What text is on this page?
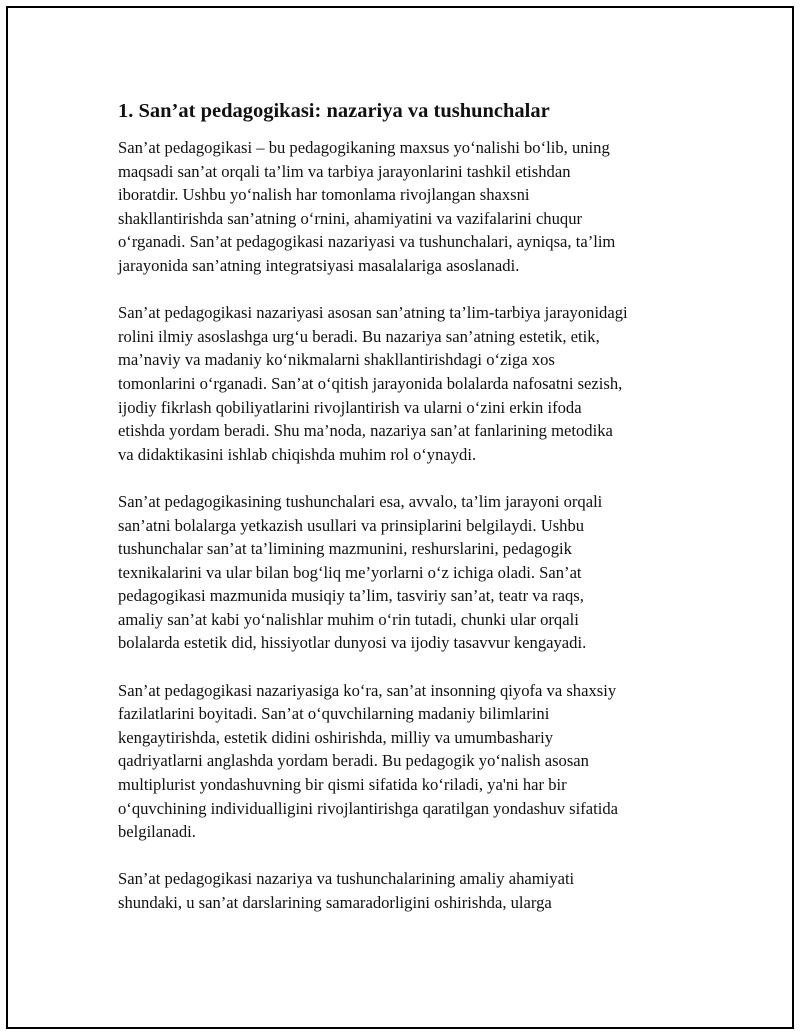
1. San’at pedagogikasi: nazariya va tushunchalar
San’at pedagogikasi – bu pedagogikaning maxsus yo‘nalishi bo‘lib, uning
maqsadi san’at orqali ta’lim va tarbiya jarayonlarini tashkil etishdan
iboratdir. Ushbu yo‘nalish har tomonlama rivojlangan shaxsni
shakllantirishda san’atning o‘rnini, ahamiyatini va vazifalarini chuqur
o‘rganadi. San’at pedagogikasi nazariyasi va tushunchalari, ayniqsa, ta’lim
jarayonida san’atning integratsiyasi masalalariga asoslanadi.
San’at pedagogikasi nazariyasi asosan san’atning ta’lim-tarbiya jarayonidagi
rolini ilmiy asoslashga urg‘u beradi. Bu nazariya san’atning estetik, etik,
ma’naviy va madaniy ko‘nikmalarni shakllantirishdagi o‘ziga xos
tomonlarini o‘rganadi. San’at o‘qitish jarayonida bolalarda nafosatni sezish,
ijodiy fikrlash qobiliyatlarini rivojlantirish va ularni o‘zini erkin ifoda
etishda yordam beradi. Shu ma’noda, nazariya san’at fanlarining metodika
va didaktikasini ishlab chiqishda muhim rol o‘ynaydi.
San’at pedagogikasining tushunchalari esa, avvalo, ta’lim jarayoni orqali
san’atni bolalarga yetkazish usullari va prinsiplarini belgilaydi. Ushbu
tushunchalar san’at ta’limining mazmunini, reshurslarini, pedagogik
texnikalarini va ular bilan bog‘liq me’yorlarni o‘z ichiga oladi. San’at
pedagogikasi mazmunida musiqiy ta’lim, tasviriy san’at, teatr va raqs,
amaliy san’at kabi yo‘nalishlar muhim o‘rin tutadi, chunki ular orqali
bolalarda estetik did, hissiyotlar dunyosi va ijodiy tasavvur kengayadi.
San’at pedagogikasi nazariyasiga ko‘ra, san’at insonning qiyofa va shaxsiy
fazilatlarini boyitadi. San’at o‘quvchilarning madaniy bilimlarini
kengaytirishda, estetik didini oshirishda, milliy va umumbashariy
qadriyatlarni anglashda yordam beradi. Bu pedagogik yo‘nalish asosan
multiplurist yondashuvning bir qismi sifatida ko‘riladi, ya'ni har bir
o‘quvchining individualligini rivojlantirishga qaratilgan yondashuv sifatida
belgilanadi.
San’at pedagogikasi nazariya va tushunchalarining amaliy ahamiyati
shundaki, u san’at darslarining samaradorligini oshirishda, ularga
